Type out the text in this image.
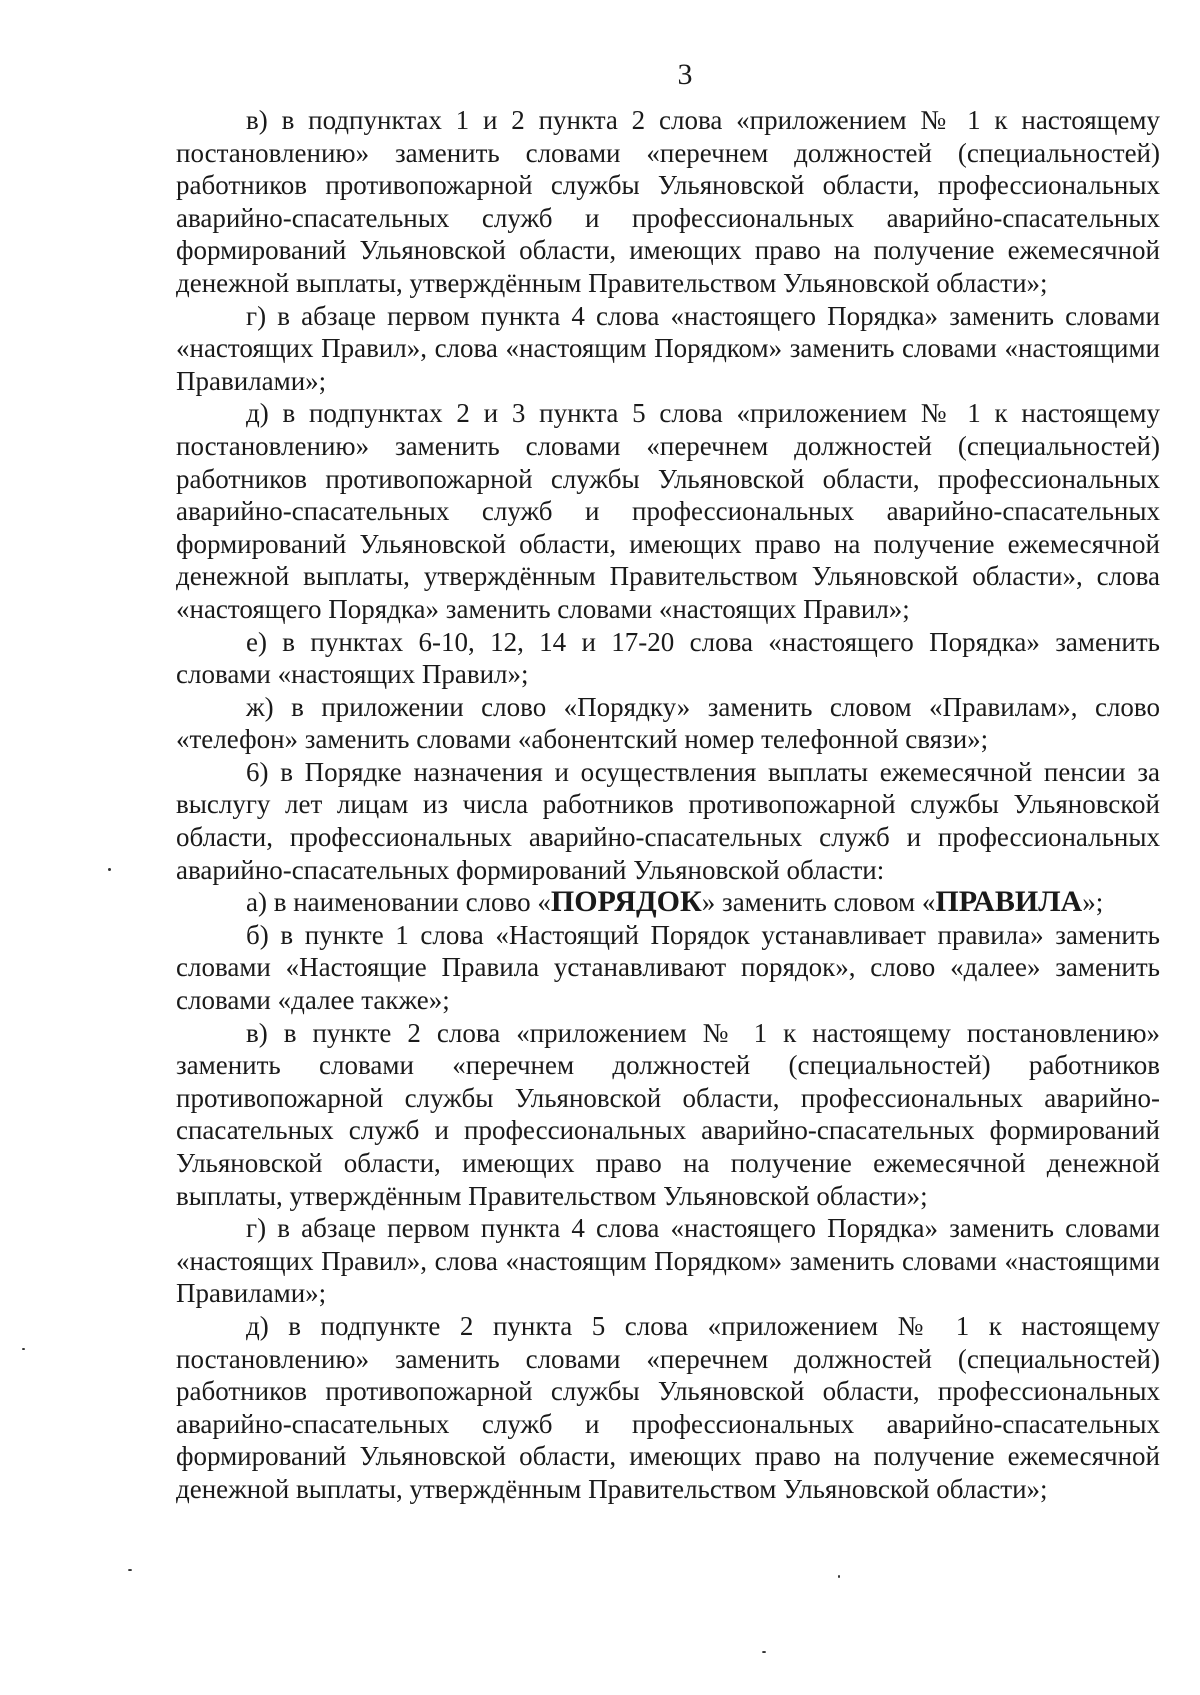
3

в) в подпунктах 1 и 2 пункта 2 слова «приложением № 1 к настоящему постановлению» заменить словами «перечнем должностей (специальностей) работников противопожарной службы Ульяновской области, профессиональных аварийно-спасательных служб и профессиональных аварийно-спасательных формирований Ульяновской области, имеющих право на получение ежемесячной денежной выплаты, утверждённым Правительством Ульяновской области»;

г) в абзаце первом пункта 4 слова «настоящего Порядка» заменить словами «настоящих Правил», слова «настоящим Порядком» заменить словами «настоящими Правилами»;

д) в подпунктах 2 и 3 пункта 5 слова «приложением № 1 к настоящему постановлению» заменить словами «перечнем должностей (специальностей) работников противопожарной службы Ульяновской области, профессиональных аварийно-спасательных служб и профессиональных аварийно-спасательных формирований Ульяновской области, имеющих право на получение ежемесячной денежной выплаты, утверждённым Правительством Ульяновской области», слова «настоящего Порядка» заменить словами «настоящих Правил»;

е) в пунктах 6-10, 12, 14 и 17-20 слова «настоящего Порядка» заменить словами «настоящих Правил»;

ж) в приложении слово «Порядку» заменить словом «Правилам», слово «телефон» заменить словами «абонентский номер телефонной связи»;

6) в Порядке назначения и осуществления выплаты ежемесячной пенсии за выслугу лет лицам из числа работников противопожарной службы Ульяновской области, профессиональных аварийно-спасательных служб и профессиональных аварийно-спасательных формирований Ульяновской области:

а) в наименовании слово «ПОРЯДОК» заменить словом «ПРАВИЛА»;

б) в пункте 1 слова «Настоящий Порядок устанавливает правила» заменить словами «Настоящие Правила устанавливают порядок», слово «далее» заменить словами «далее также»;

в) в пункте 2 слова «приложением № 1 к настоящему постановлению» заменить словами «перечнем должностей (специальностей) работников противопожарной службы Ульяновской области, профессиональных аварийно-спасательных служб и профессиональных аварийно-спасательных формирований Ульяновской области, имеющих право на получение ежемесячной денежной выплаты, утверждённым Правительством Ульяновской области»;

г) в абзаце первом пункта 4 слова «настоящего Порядка» заменить словами «настоящих Правил», слова «настоящим Порядком» заменить словами «настоящими Правилами»;

д) в подпункте 2 пункта 5 слова «приложением № 1 к настоящему постановлению» заменить словами «перечнем должностей (специальностей) работников противопожарной службы Ульяновской области, профессиональных аварийно-спасательных служб и профессиональных аварийно-спасательных формирований Ульяновской области, имеющих право на получение ежемесячной денежной выплаты, утверждённым Правительством Ульяновской области»;
